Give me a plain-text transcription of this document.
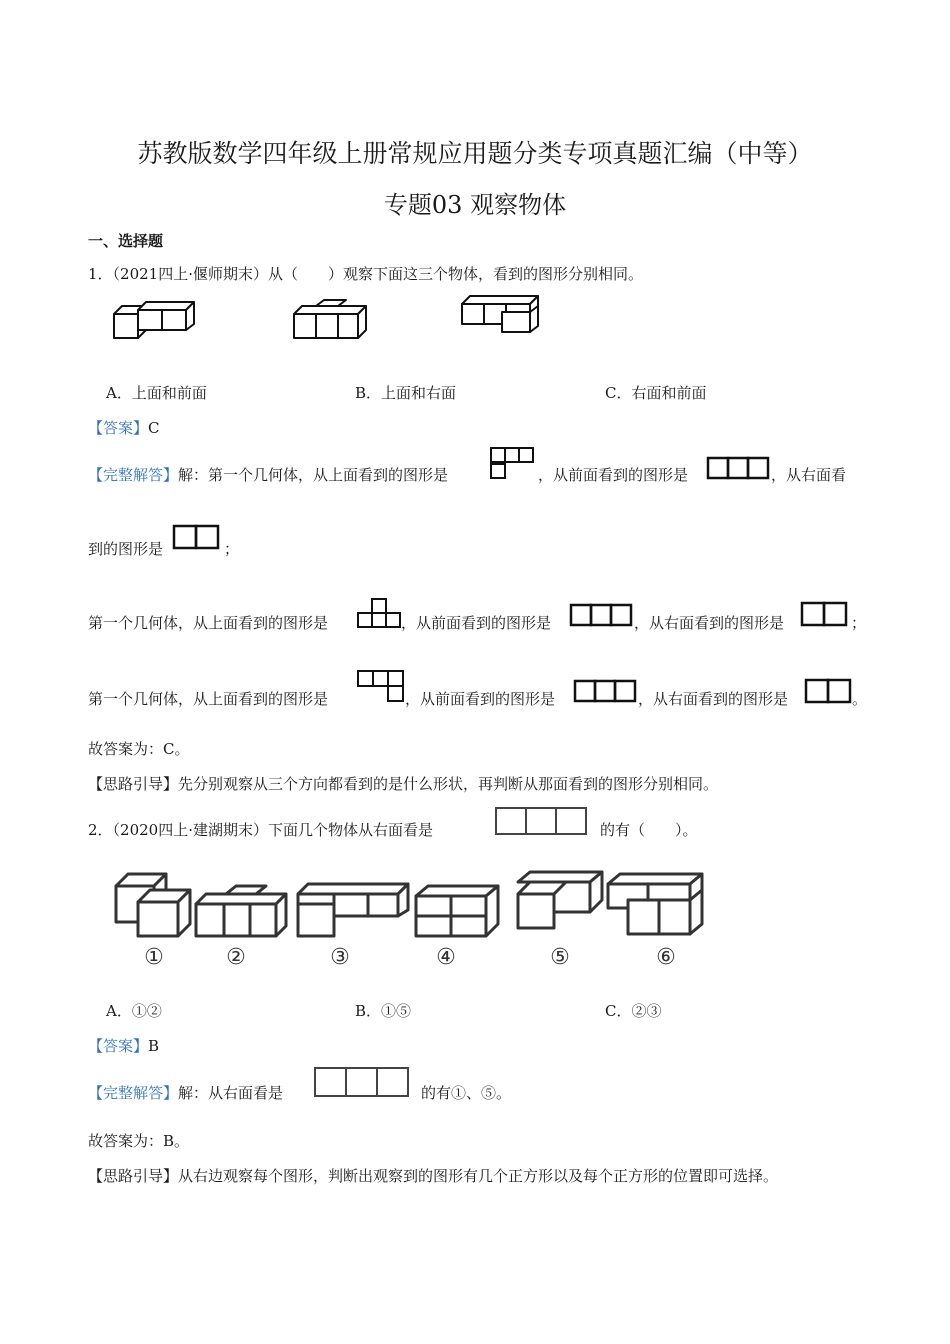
苏教版数学四年级上册常规应用题分类专项真题汇编（中等）
专题03 观察物体
一、选择题
1．（2021四上·偃师期末）从（　　）观察下面这三个物体，看到的图形分别相同。
A．上面和前面	B．上面和右面	C．右面和前面
【答案】C
【完整解答】解：第一个几何体，从上面看到的图形是	，从前面看到的图形是	，从右面看
到的图形是	；
第一个几何体，从上面看到的图形是	，从前面看到的图形是	，从右面看到的图形是	；
第一个几何体，从上面看到的图形是	，从前面看到的图形是	，从右面看到的图形是	。
故答案为：C。
【思路引导】先分别观察从三个方向都看到的是什么形状，再判断从那面看到的图形分别相同。
2．（2020四上·建湖期末）下面几个物体从右面看是	的有（　　）。
①	②	③	④	⑤	⑥
A．①②	B．①⑤	C．②③
【答案】B
【完整解答】解：从右面看是	的有①、⑤。
故答案为：B。
【思路引导】从右边观察每个图形，判断出观察到的图形有几个正方形以及每个正方形的位置即可选择。
